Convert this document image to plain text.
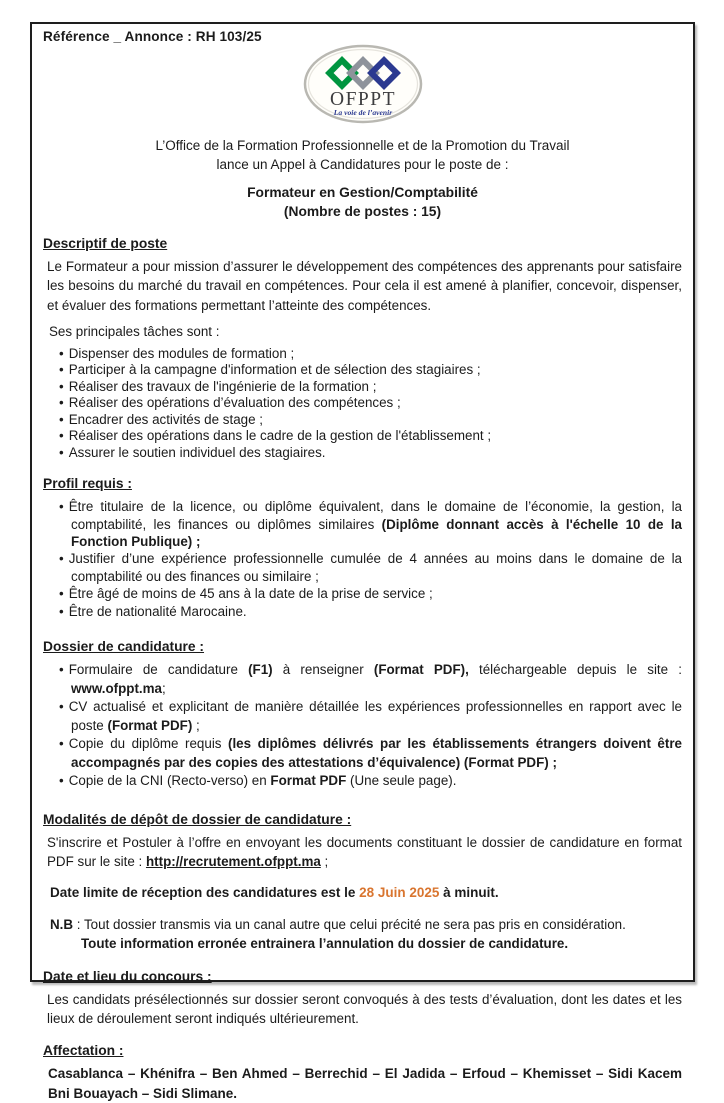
Référence _ Annonce : RH 103/25
OFPPT
La voie de l’avenir
L’Office de la Formation Professionnelle et de la Promotion du Travail
lance un Appel à Candidatures pour le poste de :
Formateur en Gestion/Comptabilité
(Nombre de postes : 15)
Descriptif de poste
Le Formateur a pour mission d’assurer le développement des compétences des apprenants pour satisfaire les besoins du marché du travail en compétences. Pour cela il est amené à planifier, concevoir, dispenser, et évaluer des formations permettant l’atteinte des compétences.
Ses principales tâches sont :
• Dispenser des modules de formation ;
• Participer à la campagne d'information et de sélection des stagiaires ;
• Réaliser des travaux de l'ingénierie de la formation ;
• Réaliser des opérations d’évaluation des compétences ;
• Encadrer des activités de stage ;
• Réaliser des opérations dans le cadre de la gestion de l'établissement ;
• Assurer le soutien individuel des stagiaires.
Profil requis :
• Être titulaire de la licence, ou diplôme équivalent, dans le domaine de l’économie, la gestion, la comptabilité, les finances ou diplômes similaires (Diplôme donnant accès à l'échelle 10 de la Fonction Publique) ;
• Justifier d’une expérience professionnelle cumulée de 4 années au moins dans le domaine de la comptabilité ou des finances ou similaire ;
• Être âgé de moins de 45 ans à la date de la prise de service ;
• Être de nationalité Marocaine.
Dossier de candidature :
• Formulaire de candidature (F1) à renseigner (Format PDF), téléchargeable depuis le site : www.ofppt.ma;
• CV actualisé et explicitant de manière détaillée les expériences professionnelles en rapport avec le poste (Format PDF) ;
• Copie du diplôme requis (les diplômes délivrés par les établissements étrangers doivent être accompagnés par des copies des attestations d’équivalence) (Format PDF) ;
• Copie de la CNI (Recto-verso) en Format PDF (Une seule page).
Modalités de dépôt de dossier de candidature :
S'inscrire et Postuler à l’offre en envoyant les documents constituant le dossier de candidature en format PDF sur le site : http://recrutement.ofppt.ma ;
Date limite de réception des candidatures est le 28 Juin 2025 à minuit.
N.B : Tout dossier transmis via un canal autre que celui précité ne sera pas pris en considération.
Toute information erronée entrainera l’annulation du dossier de candidature.
Date et lieu du concours :
Les candidats présélectionnés sur dossier seront convoqués à des tests d’évaluation, dont les dates et les lieux de déroulement seront indiqués ultérieurement.
Affectation :
Casablanca – Khénifra – Ben Ahmed – Berrechid – El Jadida – Erfoud – Khemisset – Sidi Kacem Bni Bouayach – Sidi Slimane.
